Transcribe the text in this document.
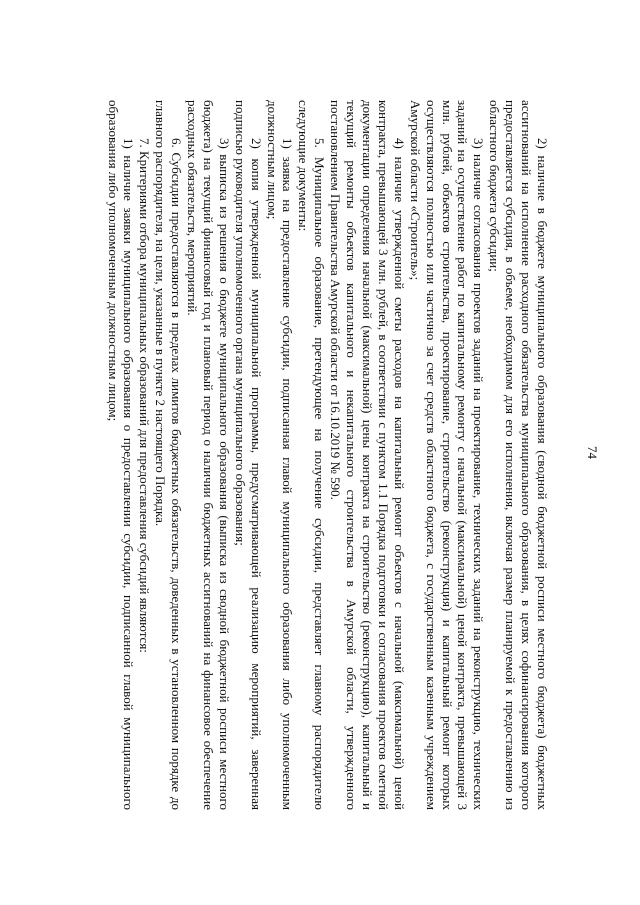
74

2) наличие в бюджете муниципального образования (сводной бюджетной росписи местного бюджета) бюджетных ассигнований на исполнение расходного обязательства муниципального образования, в целях софинансирования которого предоставляется субсидия, в объеме, необходимом для его исполнения, включая размер планируемой к предоставлению из областного бюджета субсидии;

3) наличие согласования проектов заданий на проектирование, технических заданий на реконструкцию, технических заданий на осуществление работ по капитальному ремонту с начальной (максимальной) ценой контракта, превышающей 3 млн. рублей, объектов строительства, проектирование, строительство (реконструкция) и капитальный ремонт которых осуществляются полностью или частично за счет средств областного бюджета, с государственным казенным учреждением Амурской области «Строитель»;

4) наличие утвержденной сметы расходов на капитальный ремонт объектов с начальной (максимальной) ценой контракта, превышающей 3 млн. рублей, в соответствии с пунктом 1.1 Порядка подготовки и согласования проектов сметной документации определения начальной (максимальной) цены контракта на строительство (реконструкцию), капитальный и текущий ремонты объектов капитального и некапитального строительства в Амурской области, утвержденного постановлением Правительства Амурской области от 16.10.2019 № 590.

5. Муниципальное образование, претендующее на получение субсидии, представляет главному распорядителю следующие документы:

1) заявка на предоставление субсидии, подписанная главой муниципального образования либо уполномоченным должностным лицом;

2) копия утвержденной муниципальной программы, предусматривающей реализацию мероприятий, заверенная подписью руководителя уполномоченного органа муниципального образования;

3) выписка из решения о бюджете муниципального образования (выписка из сводной бюджетной росписи местного бюджета) на текущий финансовый год и плановый период о наличии бюджетных ассигнований на финансовое обеспечение расходных обязательств, мероприятий.

6. Субсидии предоставляются в пределах лимитов бюджетных обязательств, доведенных в установленном порядке до главного распорядителя, на цели, указанные в пункте 2 настоящего Порядка.

7. Критериями отбора муниципальных образований для предоставления субсидий являются:

1) наличие заявки муниципального образования о предоставлении субсидии, подписанной главой муниципального образования либо уполномоченным должностным лицом;
